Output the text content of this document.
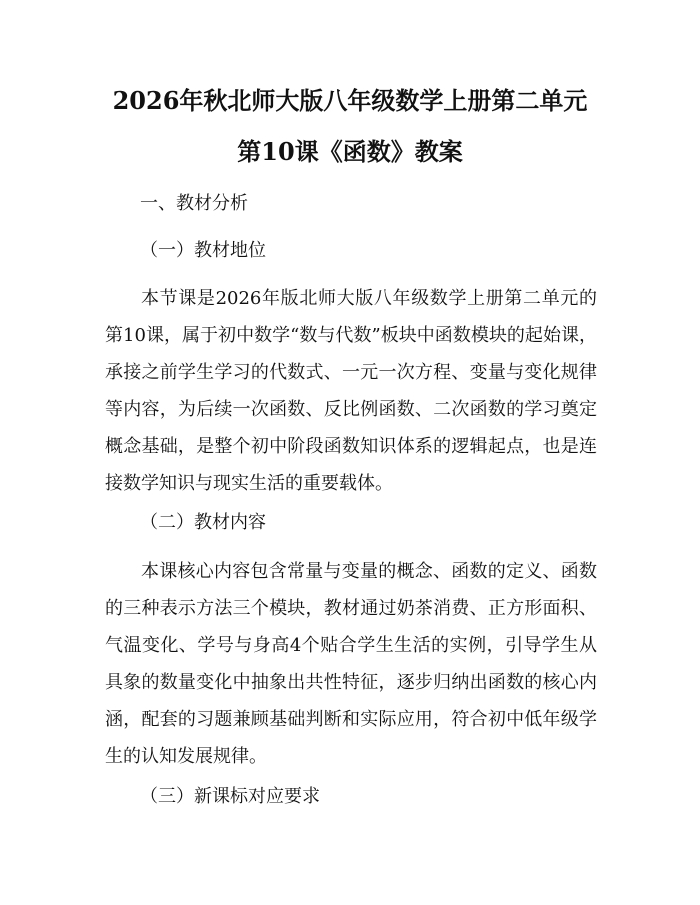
2026年秋北师大版八年级数学上册第二单元
第10课《函数》教案
一、教材分析
（一）教材地位

本节课是2026年版北师大版八年级数学上册第二单元的第10课，属于初中数学“数与代数”板块中函数模块的起始课，承接之前学生学习的代数式、一元一次方程、变量与变化规律等内容，为后续一次函数、反比例函数、二次函数的学习奠定概念基础，是整个初中阶段函数知识体系的逻辑起点，也是连接数学知识与现实生活的重要载体。

（二）教材内容

本课核心内容包含常量与变量的概念、函数的定义、函数的三种表示方法三个模块，教材通过奶茶消费、正方形面积、气温变化、学号与身高4个贴合学生生活的实例，引导学生从具象的数量变化中抽象出共性特征，逐步归纳出函数的核心内涵，配套的习题兼顾基础判断和实际应用，符合初中低年级学生的认知发展规律。

（三）新课标对应要求
